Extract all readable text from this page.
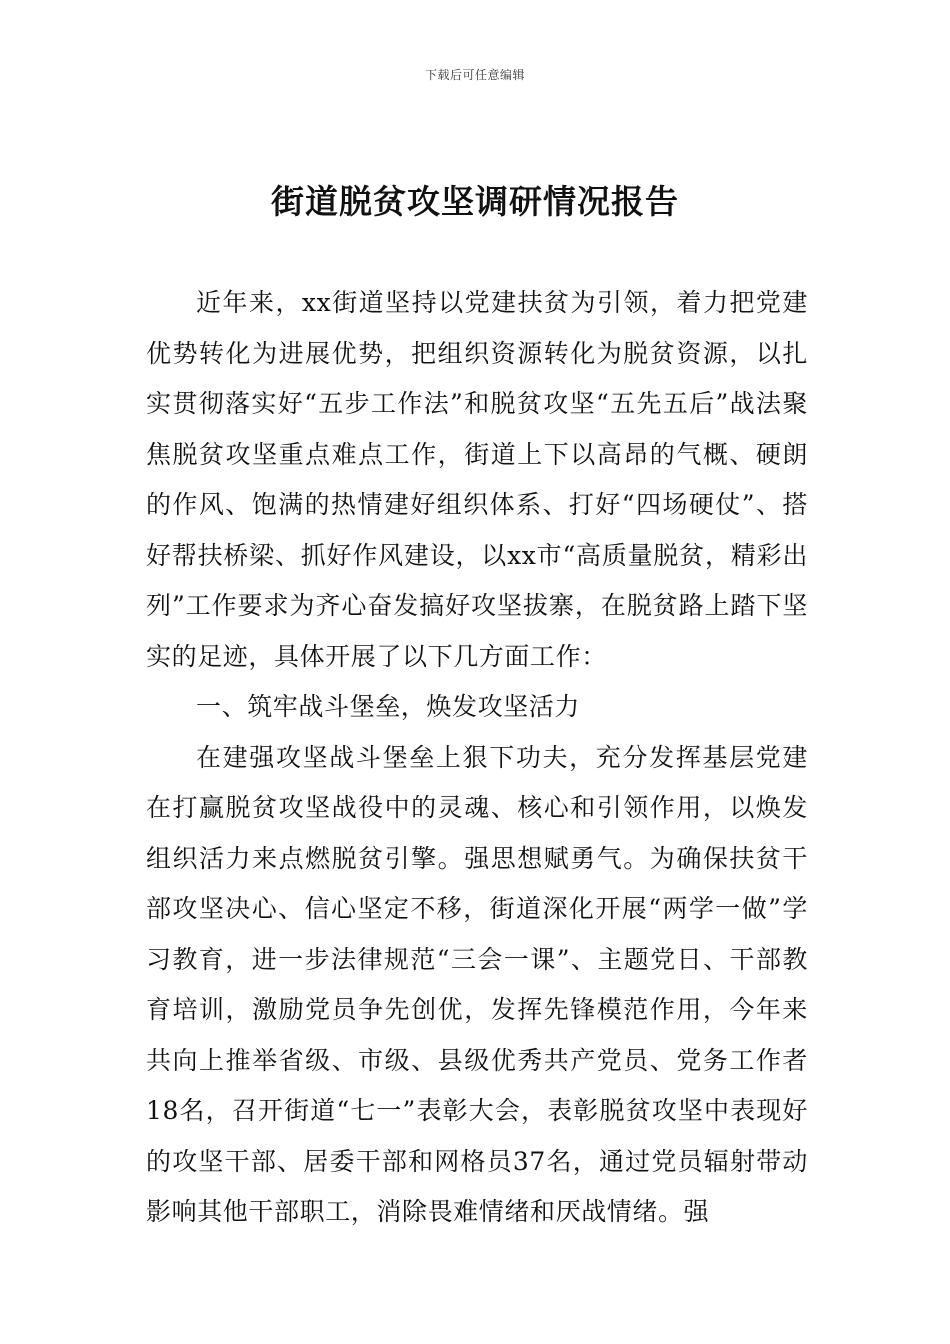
下载后可任意编辑
街道脱贫攻坚调研情况报告

近年来，xx街道坚持以党建扶贫为引领，着力把党建优势转化为进展优势，把组织资源转化为脱贫资源，以扎实贯彻落实好“五步工作法”和脱贫攻坚“五先五后”战法聚焦脱贫攻坚重点难点工作，街道上下以高昂的气概、硬朗的作风、饱满的热情建好组织体系、打好“四场硬仗”、搭好帮扶桥梁、抓好作风建设，以xx市“高质量脱贫，精彩出列”工作要求为齐心奋发搞好攻坚拔寨，在脱贫路上踏下坚实的足迹，具体开展了以下几方面工作：

一、筑牢战斗堡垒，焕发攻坚活力

在建强攻坚战斗堡垒上狠下功夫，充分发挥基层党建在打赢脱贫攻坚战役中的灵魂、核心和引领作用，以焕发组织活力来点燃脱贫引擎。强思想赋勇气。为确保扶贫干部攻坚决心、信心坚定不移，街道深化开展“两学一做”学习教育，进一步法律规范“三会一课”、主题党日、干部教育培训，激励党员争先创优，发挥先锋模范作用，今年来共向上推举省级、市级、县级优秀共产党员、党务工作者18名，召开街道“七一”表彰大会，表彰脱贫攻坚中表现好的攻坚干部、居委干部和网格员37名，通过党员辐射带动影响其他干部职工，消除畏难情绪和厌战情绪。强
